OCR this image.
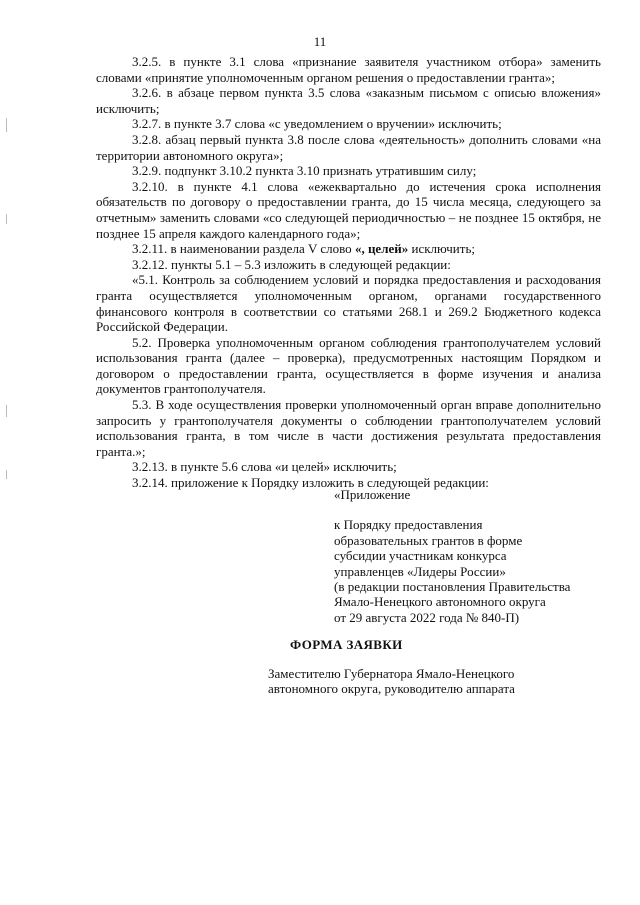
11

3.2.5. в пункте 3.1 слова «признание заявителя участником отбора» заменить словами «принятие уполномоченным органом решения о предоставлении гранта»;

3.2.6. в абзаце первом пункта 3.5 слова «заказным письмом с описью вложения» исключить;

3.2.7. в пункте 3.7 слова «с уведомлением о вручении» исключить;

3.2.8. абзац первый пункта 3.8 после слова «деятельность» дополнить словами «на территории автономного округа»;

3.2.9. подпункт 3.10.2 пункта 3.10 признать утратившим силу;

3.2.10. в пункте 4.1 слова «ежеквартально до истечения срока исполнения обязательств по договору о предоставлении гранта, до 15 числа месяца, следующего за отчетным» заменить словами «со следующей периодичностью – не позднее 15 октября, не позднее 15 апреля каждого календарного года»;

3.2.11. в наименовании раздела V слово «, целей» исключить;

3.2.12. пункты 5.1 – 5.3 изложить в следующей редакции:

«5.1. Контроль за соблюдением условий и порядка предоставления и расходования гранта осуществляется уполномоченным органом, органами государственного финансового контроля в соответствии со статьями 268.1 и 269.2 Бюджетного кодекса Российской Федерации.

5.2. Проверка уполномоченным органом соблюдения грантополучателем условий использования гранта (далее – проверка), предусмотренных настоящим Порядком и договором о предоставлении гранта, осуществляется в форме изучения и анализа документов грантополучателя.

5.3. В ходе осуществления проверки уполномоченный орган вправе дополнительно запросить у грантополучателя документы о соблюдении грантополучателем условий использования гранта, в том числе в части достижения результата предоставления гранта.»;

3.2.13. в пункте 5.6 слова «и целей» исключить;

3.2.14. приложение к Порядку изложить в следующей редакции:

«Приложение

к Порядку предоставления
образовательных грантов в форме
субсидии участникам конкурса
управленцев «Лидеры России»
(в редакции постановления Правительства
Ямало-Ненецкого автономного округа
от 29 августа 2022 года № 840-П)

ФОРМА ЗАЯВКИ
Заместителю Губернатора Ямало-Ненецкого
автономного округа, руководителю аппарата
